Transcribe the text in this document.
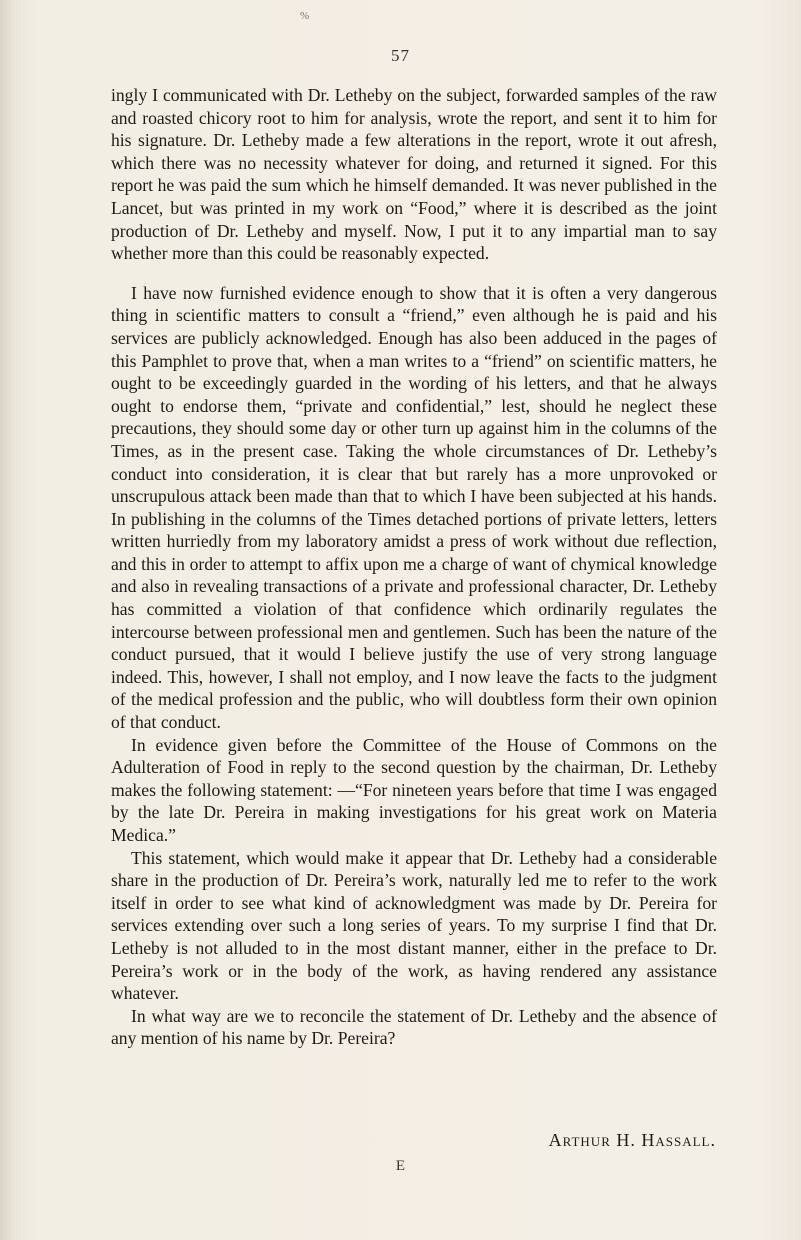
%
57

ingly I communicated with Dr. Letheby on the subject, forwarded samples of the raw and roasted chicory root to him for analysis, wrote the report, and sent it to him for his signature. Dr. Letheby made a few alterations in the report, wrote it out afresh, which there was no necessity whatever for doing, and returned it signed. For this report he was paid the sum which he himself demanded. It was never published in the Lancet, but was printed in my work on “Food,” where it is described as the joint production of Dr. Letheby and myself. Now, I put it to any impartial man to say whether more than this could be reasonably expected.

I have now furnished evidence enough to show that it is often a very dangerous thing in scientific matters to consult a “friend,” even although he is paid and his services are publicly acknowledged. Enough has also been adduced in the pages of this Pamphlet to prove that, when a man writes to a “friend” on scientific matters, he ought to be exceedingly guarded in the wording of his letters, and that he always ought to endorse them, “private and confidential,” lest, should he neglect these precautions, they should some day or other turn up against him in the columns of the Times, as in the present case. Taking the whole circumstances of Dr. Letheby’s conduct into consideration, it is clear that but rarely has a more unprovoked or unscrupulous attack been made than that to which I have been subjected at his hands. In publishing in the columns of the Times detached portions of private letters, letters written hurriedly from my laboratory amidst a press of work without due reflection, and this in order to attempt to affix upon me a charge of want of chymical knowledge and also in revealing transactions of a private and professional character, Dr. Letheby has committed a violation of that confidence which ordinarily regulates the intercourse between professional men and gentlemen. Such has been the nature of the conduct pursued, that it would I believe justify the use of very strong language indeed. This, however, I shall not employ, and I now leave the facts to the judgment of the medical profession and the public, who will doubtless form their own opinion of that conduct.

In evidence given before the Committee of the House of Commons on the Adulteration of Food in reply to the second question by the chairman, Dr. Letheby makes the following statement: —“For nineteen years before that time I was engaged by the late Dr. Pereira in making investigations for his great work on Materia Medica.”

This statement, which would make it appear that Dr. Letheby had a considerable share in the production of Dr. Pereira’s work, naturally led me to refer to the work itself in order to see what kind of acknowledgment was made by Dr. Pereira for services extending over such a long series of years. To my surprise I find that Dr. Letheby is not alluded to in the most distant manner, either in the preface to Dr. Pereira’s work or in the body of the work, as having rendered any assistance whatever.

In what way are we to reconcile the statement of Dr. Letheby and the absence of any mention of his name by Dr. Pereira?

Arthur H. Hassall.
E
